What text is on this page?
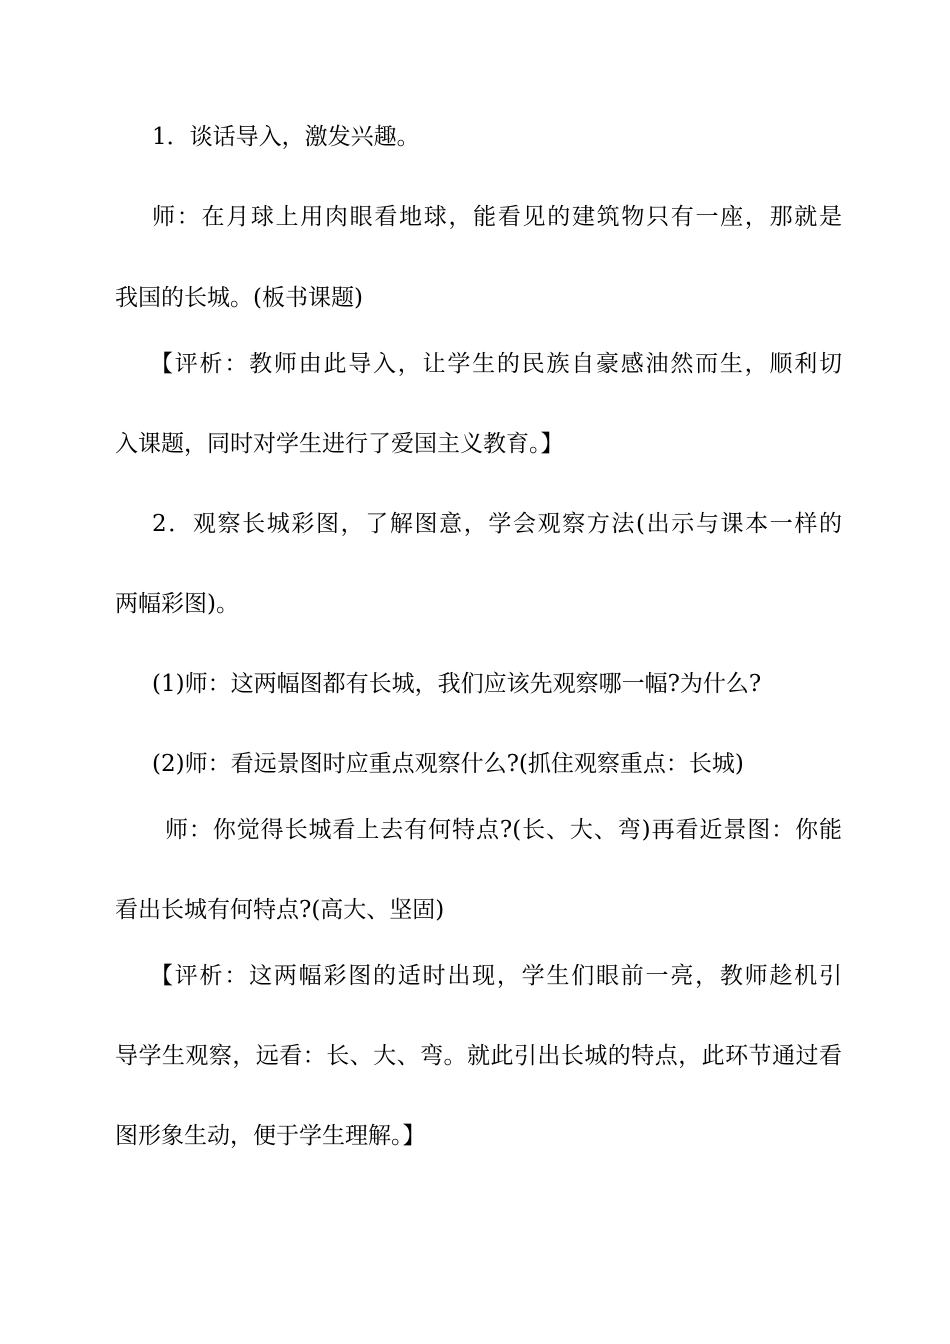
1．谈话导入，激发兴趣。
师：在月球上用肉眼看地球，能看见的建筑物只有一座，那就是
我国的长城。(板书课题)
【评析：教师由此导入，让学生的民族自豪感油然而生，顺利切
入课题，同时对学生进行了爱国主义教育。】
2．观察长城彩图，了解图意，学会观察方法(出示与课本一样的
两幅彩图)。
(1)师：这两幅图都有长城，我们应该先观察哪一幅?为什么?
(2)师：看远景图时应重点观察什么?(抓住观察重点：长城)
师：你觉得长城看上去有何特点?(长、大、弯)再看近景图：你能
看出长城有何特点?(高大、坚固)
【评析：这两幅彩图的适时出现，学生们眼前一亮，教师趁机引
导学生观察，远看：长、大、弯。就此引出长城的特点，此环节通过看
图形象生动，便于学生理解。】
